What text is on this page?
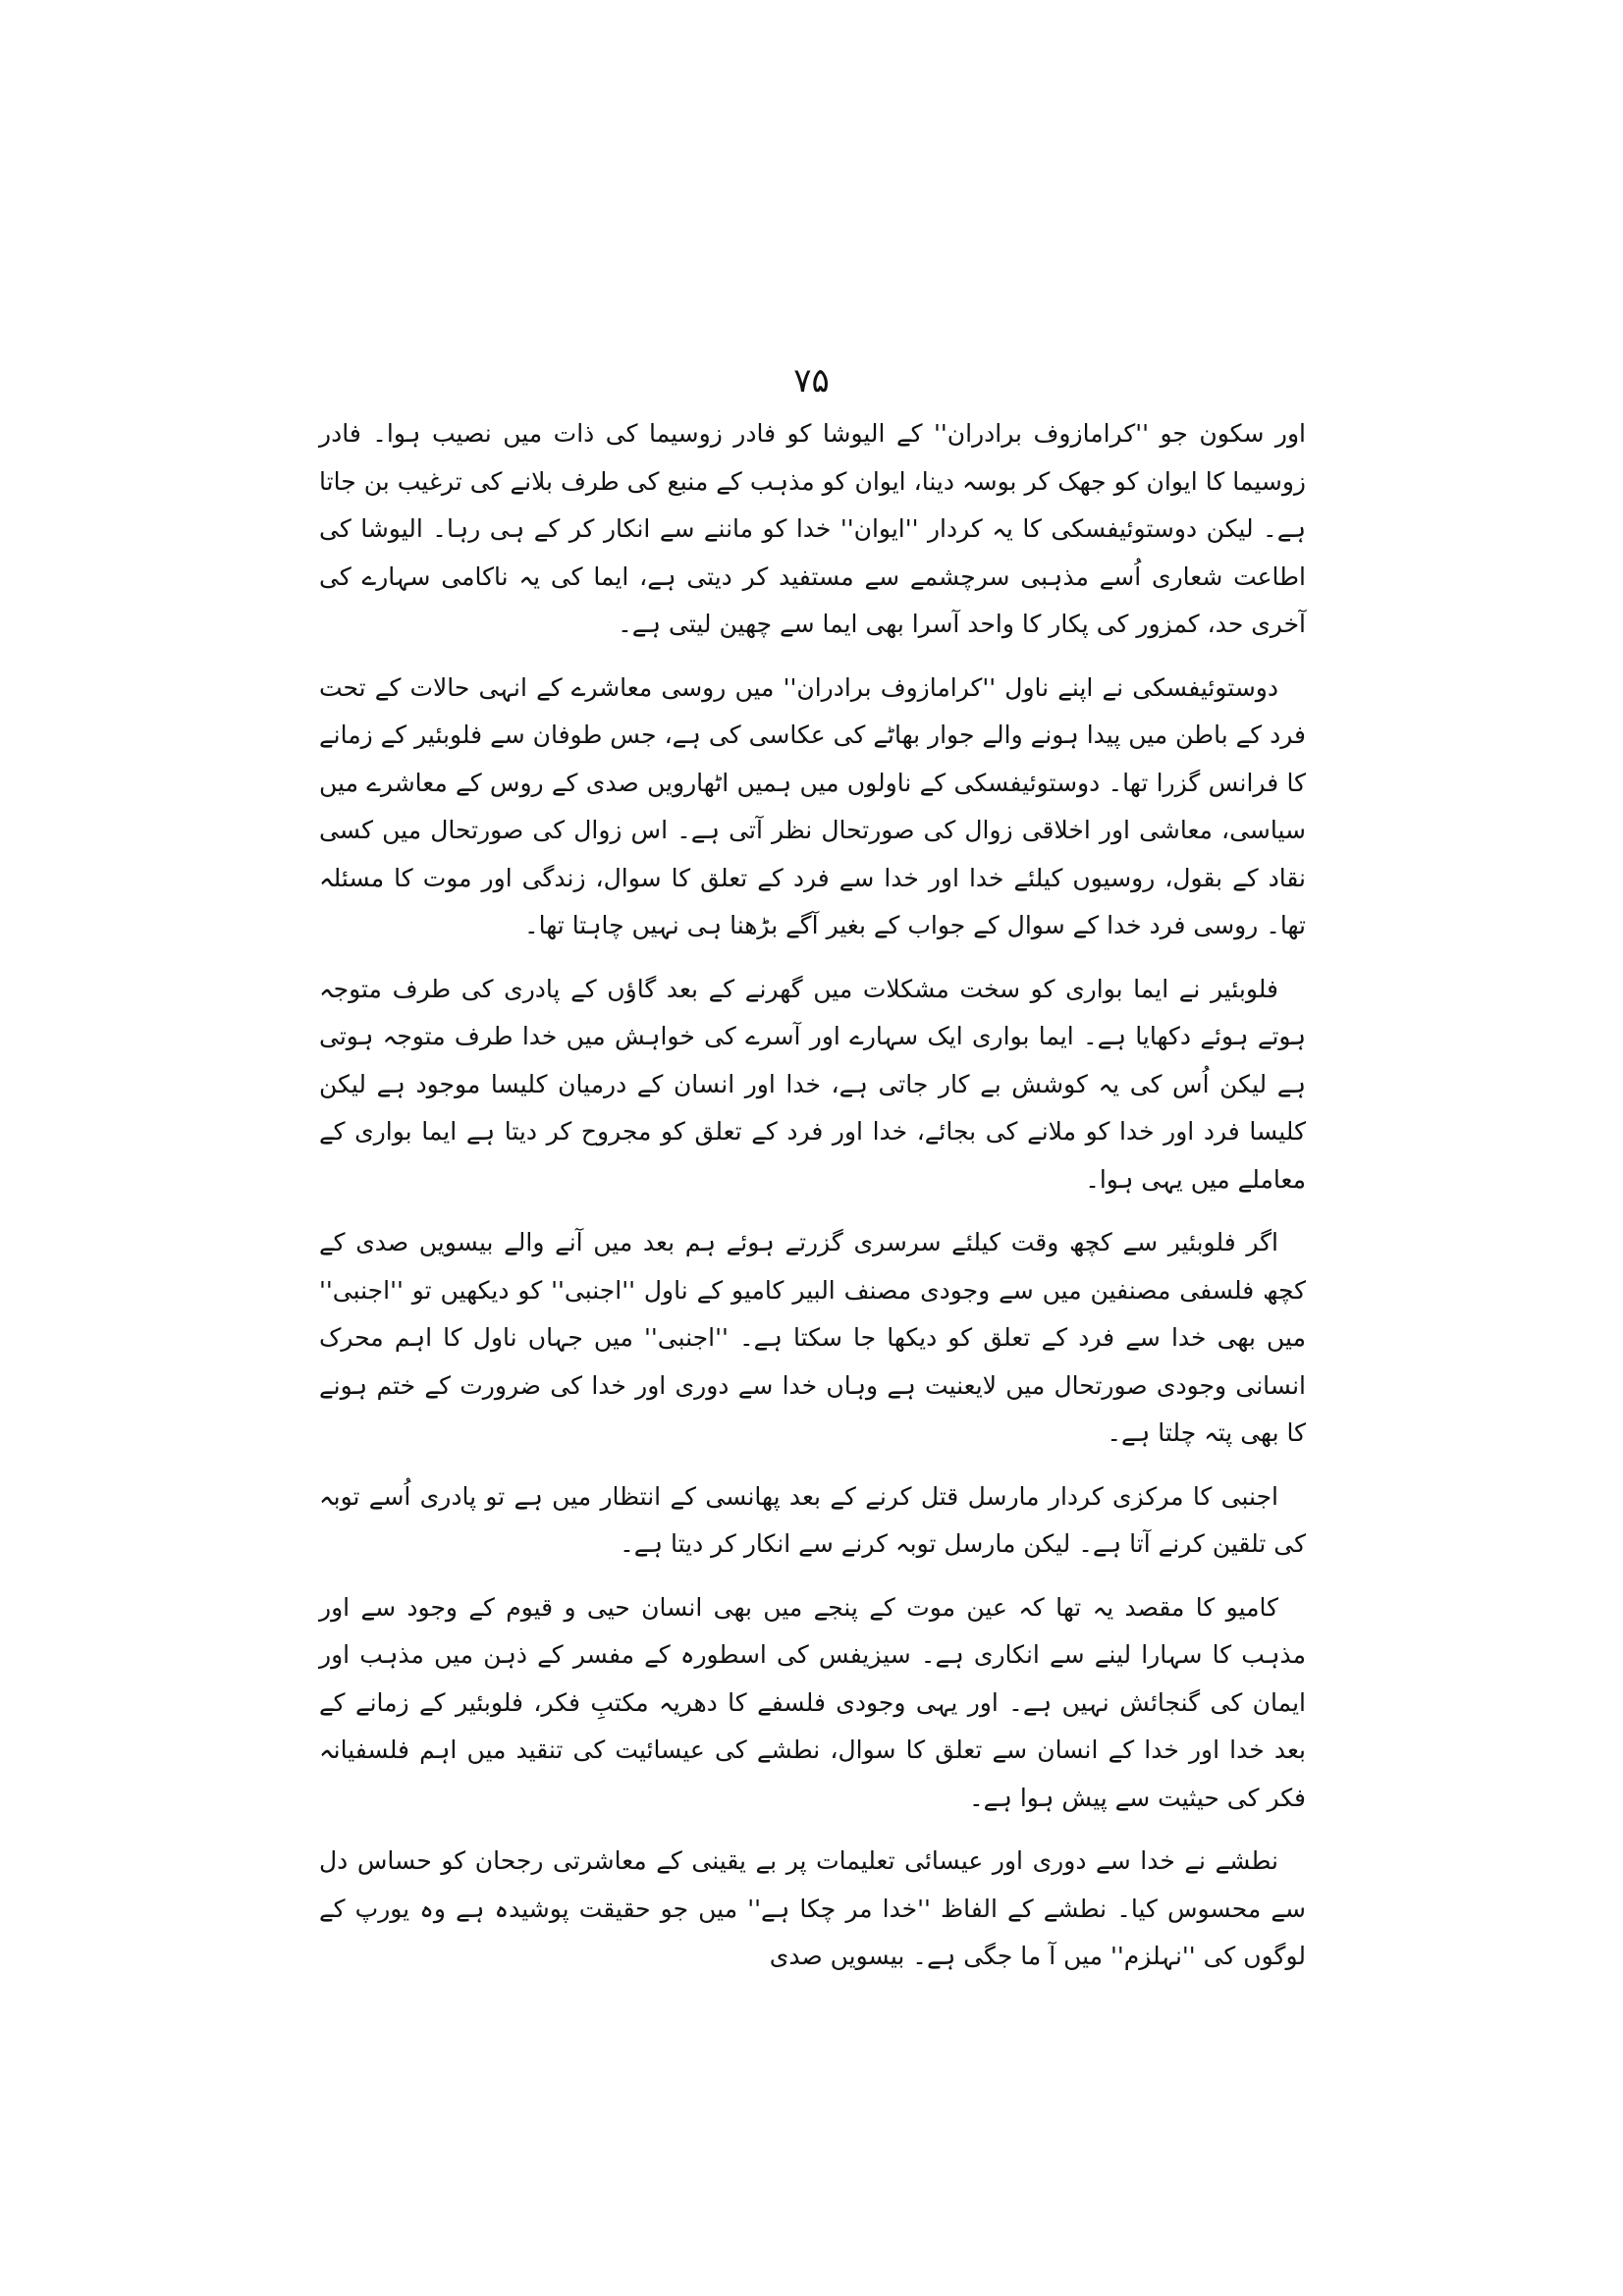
۷۵

اور سکون جو ''کرامازوف برادران'' کے الیوشا کو فادر زوسیما کی ذات میں نصیب ہوا۔ فادر زوسیما کا ایوان کو جھک کر بوسہ دینا، ایوان کو مذہب کے منبع کی طرف بلانے کی ترغیب بن جاتا ہے۔ لیکن دوستوئیفسکی کا یہ کردار ''ایوان'' خدا کو ماننے سے انکار کر کے ہی رہا۔ الیوشا کی اطاعت شعاری اُسے مذہبی سرچشمے سے مستفید کر دیتی ہے، ایما کی یہ ناکامی سہارے کی آخری حد، کمزور کی پکار کا واحد آسرا بھی ایما سے چھین لیتی ہے۔

دوستوئیفسکی نے اپنے ناول ''کرامازوف برادران'' میں روسی معاشرے کے انہی حالات کے تحت فرد کے باطن میں پیدا ہونے والے جوار بھاٹے کی عکاسی کی ہے، جس طوفان سے فلوبئیر کے زمانے کا فرانس گزرا تھا۔ دوستوئیفسکی کے ناولوں میں ہمیں اٹھارویں صدی کے روس کے معاشرے میں سیاسی، معاشی اور اخلاقی زوال کی صورتحال نظر آتی ہے۔ اس زوال کی صورتحال میں کسی نقاد کے بقول، روسیوں کیلئے خدا اور خدا سے فرد کے تعلق کا سوال، زندگی اور موت کا مسئلہ تھا۔ روسی فرد خدا کے سوال کے جواب کے بغیر آگے بڑھنا ہی نہیں چاہتا تھا۔

فلوبئیر نے ایما بواری کو سخت مشکلات میں گھرنے کے بعد گاؤں کے پادری کی طرف متوجہ ہوتے ہوئے دکھایا ہے۔ ایما بواری ایک سہارے اور آسرے کی خواہش میں خدا طرف متوجہ ہوتی ہے لیکن اُس کی یہ کوشش بے کار جاتی ہے، خدا اور انسان کے درمیان کلیسا موجود ہے لیکن کلیسا فرد اور خدا کو ملانے کی بجائے، خدا اور فرد کے تعلق کو مجروح کر دیتا ہے ایما بواری کے معاملے میں یہی ہوا۔

اگر فلوبئیر سے کچھ وقت کیلئے سرسری گزرتے ہوئے ہم بعد میں آنے والے بیسویں صدی کے کچھ فلسفی مصنفین میں سے وجودی مصنف البیر کامیو کے ناول ''اجنبی'' کو دیکھیں تو ''اجنبی'' میں بھی خدا سے فرد کے تعلق کو دیکھا جا سکتا ہے۔ ''اجنبی'' میں جہاں ناول کا اہم محرک انسانی وجودی صورتحال میں لایعنیت ہے وہاں خدا سے دوری اور خدا کی ضرورت کے ختم ہونے کا بھی پتہ چلتا ہے۔

اجنبی کا مرکزی کردار مارسل قتل کرنے کے بعد پھانسی کے انتظار میں ہے تو پادری اُسے توبہ کی تلقین کرنے آتا ہے۔ لیکن مارسل توبہ کرنے سے انکار کر دیتا ہے۔

کامیو کا مقصد یہ تھا کہ عین موت کے پنجے میں بھی انسان حیی و قیوم کے وجود سے اور مذہب کا سہارا لینے سے انکاری ہے۔ سیزیفس کی اسطورہ کے مفسر کے ذہن میں مذہب اور ایمان کی گنجائش نہیں ہے۔ اور یہی وجودی فلسفے کا دھریہ مکتبِ فکر، فلوبئیر کے زمانے کے بعد خدا اور خدا کے انسان سے تعلق کا سوال، نطشے کی عیسائیت کی تنقید میں اہم فلسفیانہ فکر کی حیثیت سے پیش ہوا ہے۔

نطشے نے خدا سے دوری اور عیسائی تعلیمات پر بے یقینی کے معاشرتی رجحان کو حساس دل سے محسوس کیا۔ نطشے کے الفاظ ''خدا مر چکا ہے'' میں جو حقیقت پوشیدہ ہے وہ یورپ کے لوگوں کی ''نہلزم'' میں آ ما جگی ہے۔ بیسویں صدی
